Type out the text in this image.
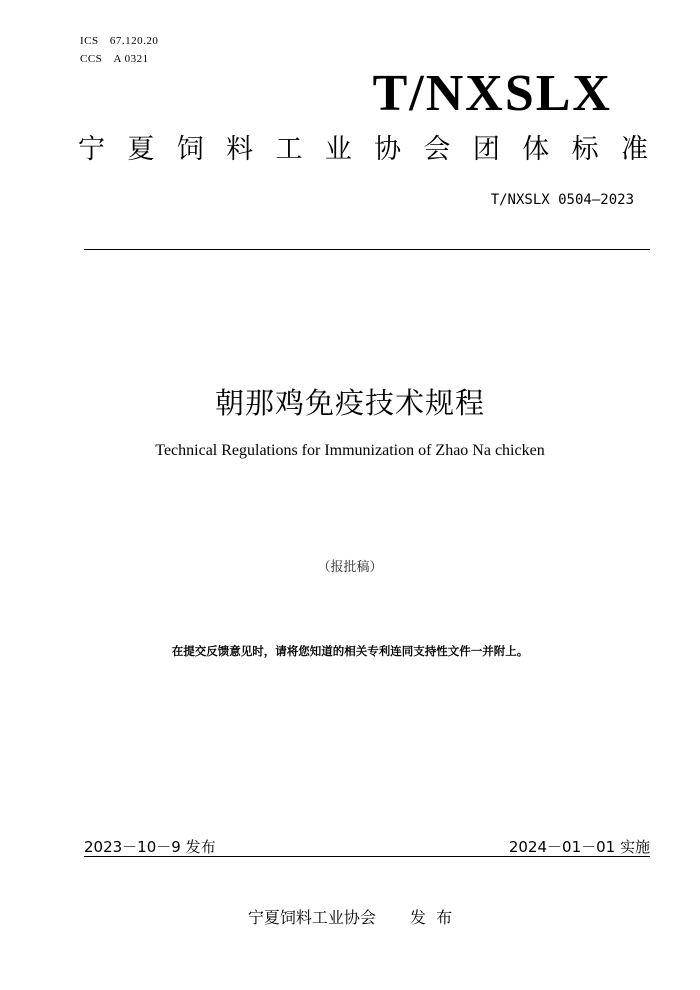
ICS 67.120.20
CCS A 0321
T/NXSLX
宁 夏 饲 料 工 业 协 会 团 体 标 准
T/NXSLX 0504—2023
朝那鸡免疫技术规程
Technical Regulations for Immunization of Zhao Na chicken
（报批稿）
在提交反馈意见时，请将您知道的相关专利连同支持性文件一并附上。
2023－10－9 发布	2024－01－01 实施
宁夏饲料工业协会 发  布
